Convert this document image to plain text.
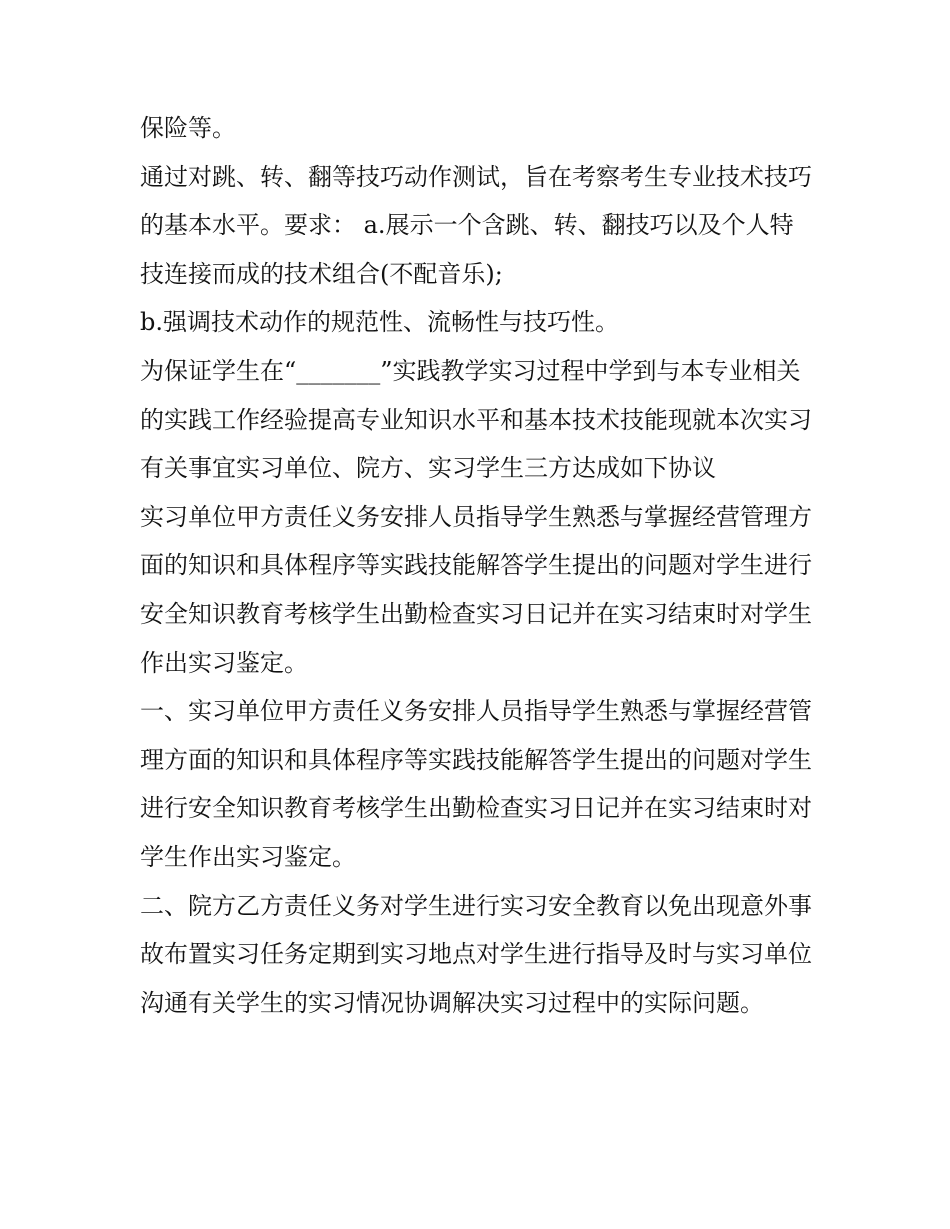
保险等。

通过对跳、转、翻等技巧动作测试，旨在考察考生专业技术技巧的基本水平。要求： a.展示一个含跳、转、翻技巧以及个人特技连接而成的技术组合(不配音乐);

b.强调技术动作的规范性、流畅性与技巧性。

为保证学生在“_______”实践教学实习过程中学到与本专业相关的实践工作经验提高专业知识水平和基本技术技能现就本次实习有关事宜实习单位、院方、实习学生三方达成如下协议

实习单位甲方责任义务安排人员指导学生熟悉与掌握经营管理方面的知识和具体程序等实践技能解答学生提出的问题对学生进行安全知识教育考核学生出勤检查实习日记并在实习结束时对学生作出实习鉴定。

一、实习单位甲方责任义务安排人员指导学生熟悉与掌握经营管理方面的知识和具体程序等实践技能解答学生提出的问题对学生进行安全知识教育考核学生出勤检查实习日记并在实习结束时对学生作出实习鉴定。

二、院方乙方责任义务对学生进行实习安全教育以免出现意外事故布置实习任务定期到实习地点对学生进行指导及时与实习单位沟通有关学生的实习情况协调解决实习过程中的实际问题。
